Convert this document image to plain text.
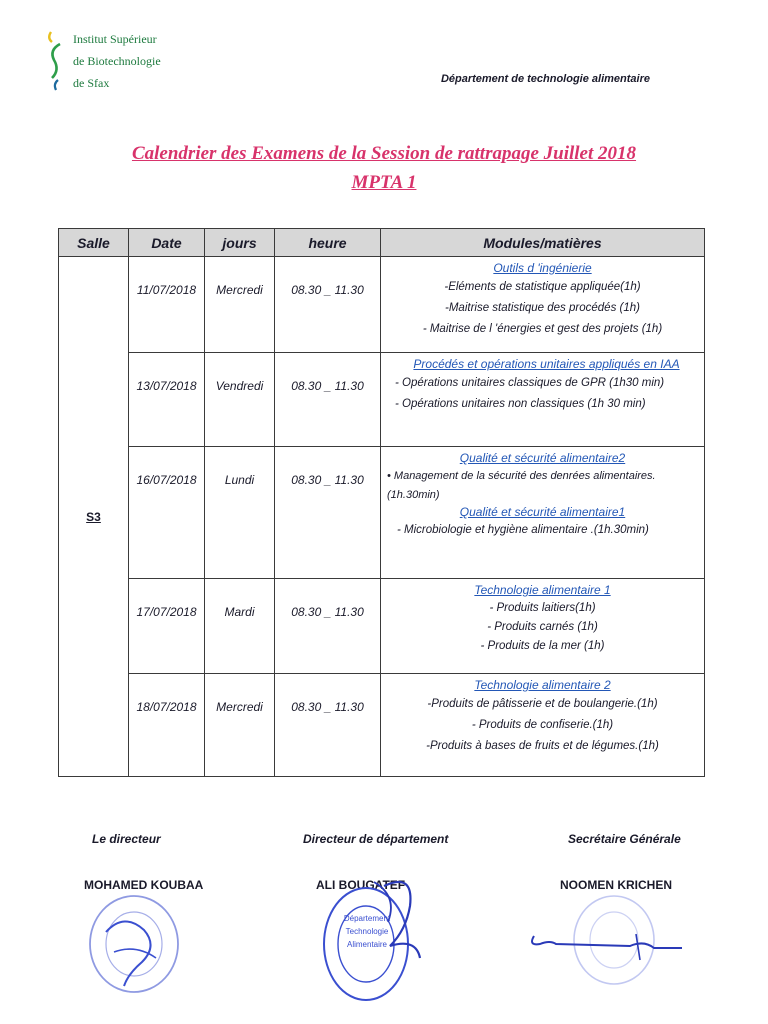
Institut Supérieur
de Biotechnologie
de Sfax	Département de technologie alimentaire
Calendrier des Examens de la Session de rattrapage Juillet 2018
MPTA 1
Salle	Date	jours	heure	Modules/matières
S3	11/07/2018	Mercredi	08.30 _ 11.30	Outils d 'ingénierie
-Eléments de statistique appliquée(1h)
-Maitrise statistique des procédés (1h)
- Maitrise de l 'énergies et gest des projets (1h)

	13/07/2018	Vendredi	08.30 _ 11.30	Procédés et opérations unitaires appliqués en IAA
- Opérations unitaires classiques de GPR (1h30 min)
- Opérations unitaires non classiques (1h 30 min)

	16/07/2018	Lundi	08.30 _ 11.30	Qualité et sécurité alimentaire2
• Management de la sécurité des denrées alimentaires.(1h.30min)
Qualité et sécurité alimentaire1
- Microbiologie et hygiène alimentaire .(1h.30min)

	17/07/2018	Mardi	08.30 _ 11.30	Technologie alimentaire 1
- Produits laitiers(1h)
- Produits carnés (1h)
- Produits de la mer (1h)

	18/07/2018	Mercredi	08.30 _ 11.30	Technologie alimentaire 2
-Produits de pâtisserie et de boulangerie.(1h)
- Produits de confiserie.(1h)
-Produits à bases de fruits et de légumes.(1h)
Le directeur	Directeur de département	Secrétaire Générale
MOHAMED KOUBAA	ALI BOUGATEF	NOOMEN KRICHEN
Département
Technologie
Alimentaire
